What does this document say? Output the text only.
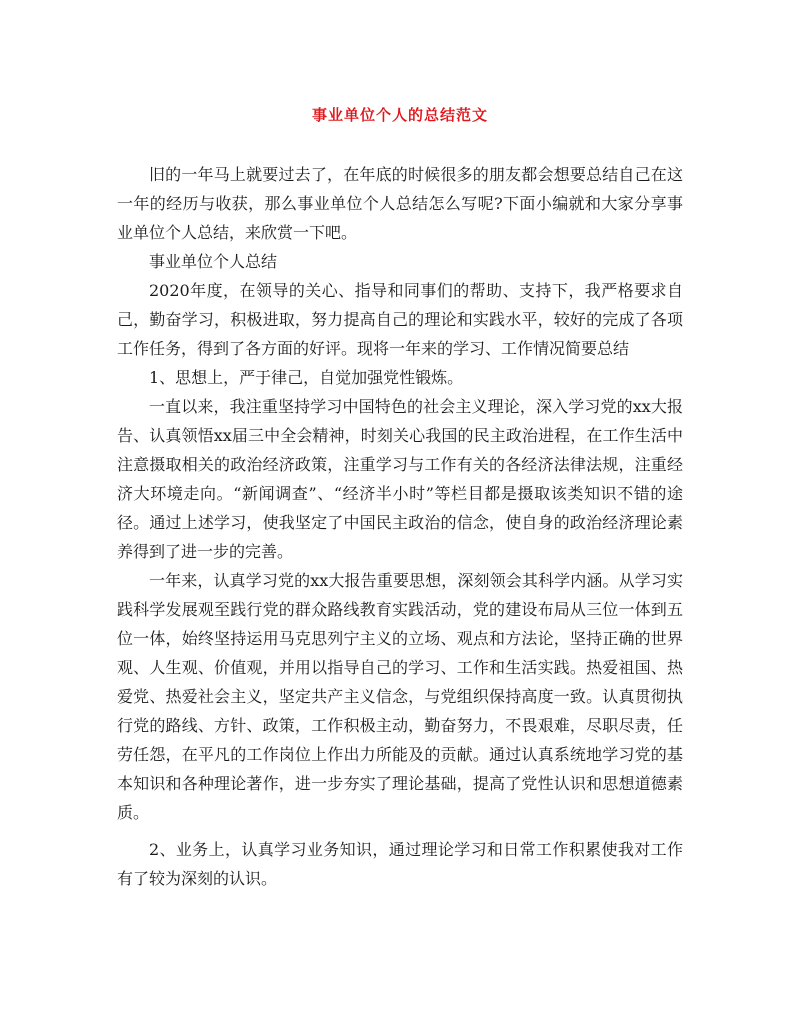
事业单位个人的总结范文

旧的一年马上就要过去了，在年底的时候很多的朋友都会想要总结自己在这一年的经历与收获，那么事业单位个人总结怎么写呢?下面小编就和大家分享事业单位个人总结，来欣赏一下吧。

事业单位个人总结

2020年度，在领导的关心、指导和同事们的帮助、支持下，我严格要求自己，勤奋学习，积极进取，努力提高自己的理论和实践水平，较好的完成了各项工作任务，得到了各方面的好评。现将一年来的学习、工作情况简要总结

1、思想上，严于律己，自觉加强党性锻炼。

一直以来，我注重坚持学习中国特色的社会主义理论，深入学习党的xx大报告、认真领悟xx届三中全会精神，时刻关心我国的民主政治进程，在工作生活中注意摄取相关的政治经济政策，注重学习与工作有关的各经济法律法规，注重经济大环境走向。“新闻调查”、“经济半小时”等栏目都是摄取该类知识不错的途径。通过上述学习，使我坚定了中国民主政治的信念，使自身的政治经济理论素养得到了进一步的完善。

一年来，认真学习党的xx大报告重要思想，深刻领会其科学内涵。从学习实践科学发展观至践行党的群众路线教育实践活动，党的建设布局从三位一体到五位一体，始终坚持运用马克思列宁主义的立场、观点和方法论，坚持正确的世界观、人生观、价值观，并用以指导自己的学习、工作和生活实践。热爱祖国、热爱党、热爱社会主义，坚定共产主义信念，与党组织保持高度一致。认真贯彻执行党的路线、方针、政策，工作积极主动，勤奋努力，不畏艰难，尽职尽责，任劳任怨，在平凡的工作岗位上作出力所能及的贡献。通过认真系统地学习党的基本知识和各种理论著作，进一步夯实了理论基础，提高了党性认识和思想道德素质。

2、业务上，认真学习业务知识，通过理论学习和日常工作积累使我对工作有了较为深刻的认识。
